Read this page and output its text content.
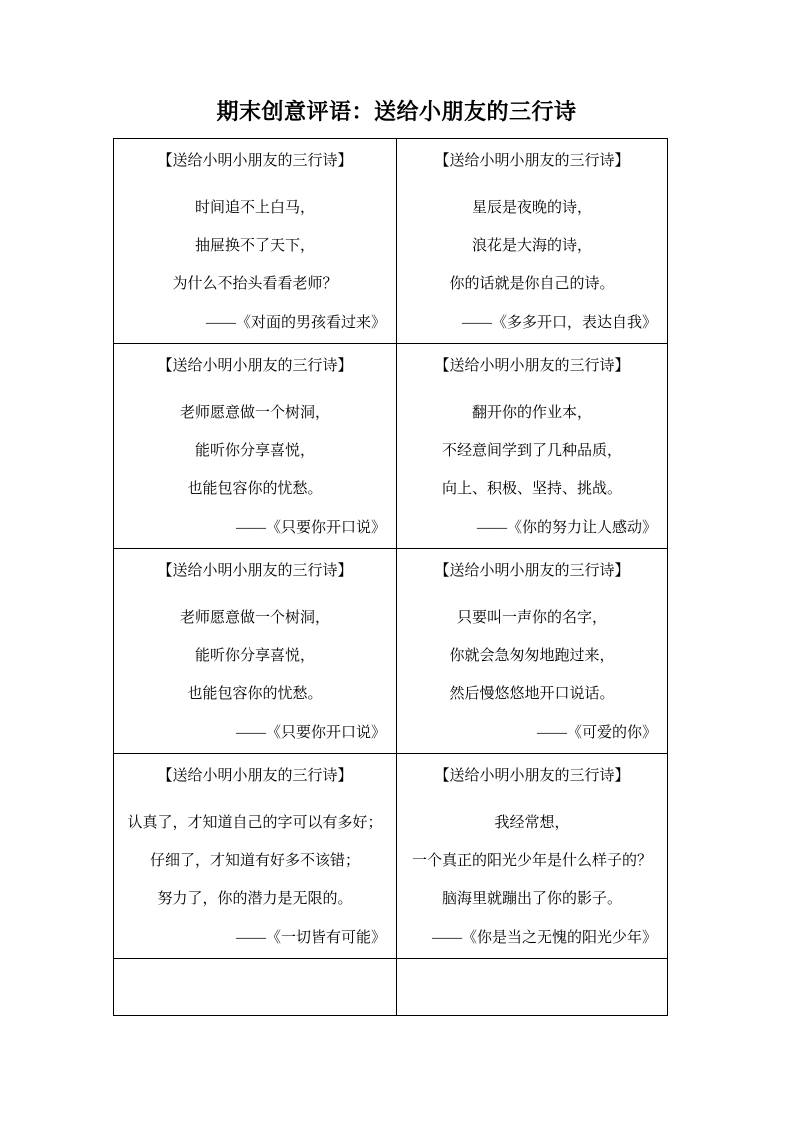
期末创意评语：送给小朋友的三行诗

【送给小明小朋友的三行诗】

时间追不上白马，

抽屉换不了天下，

为什么不抬头看看老师？

——《对面的男孩看过来》

【送给小明小朋友的三行诗】

星辰是夜晚的诗，

浪花是大海的诗，

你的话就是你自己的诗。

——《多多开口，表达自我》

【送给小明小朋友的三行诗】

老师愿意做一个树洞，

能听你分享喜悦，

也能包容你的忧愁。

——《只要你开口说》

【送给小明小朋友的三行诗】

翻开你的作业本，

不经意间学到了几种品质，

向上、积极、坚持、挑战。

——《你的努力让人感动》

【送给小明小朋友的三行诗】

老师愿意做一个树洞，

能听你分享喜悦，

也能包容你的忧愁。

——《只要你开口说》

【送给小明小朋友的三行诗】

只要叫一声你的名字，

你就会急匆匆地跑过来，

然后慢悠悠地开口说话。

——《可爱的你》

【送给小明小朋友的三行诗】

认真了，才知道自己的字可以有多好；

仔细了，才知道有好多不该错；

努力了，你的潜力是无限的。

——《一切皆有可能》

【送给小明小朋友的三行诗】

我经常想，

一个真正的阳光少年是什么样子的？

脑海里就蹦出了你的影子。

——《你是当之无愧的阳光少年》
